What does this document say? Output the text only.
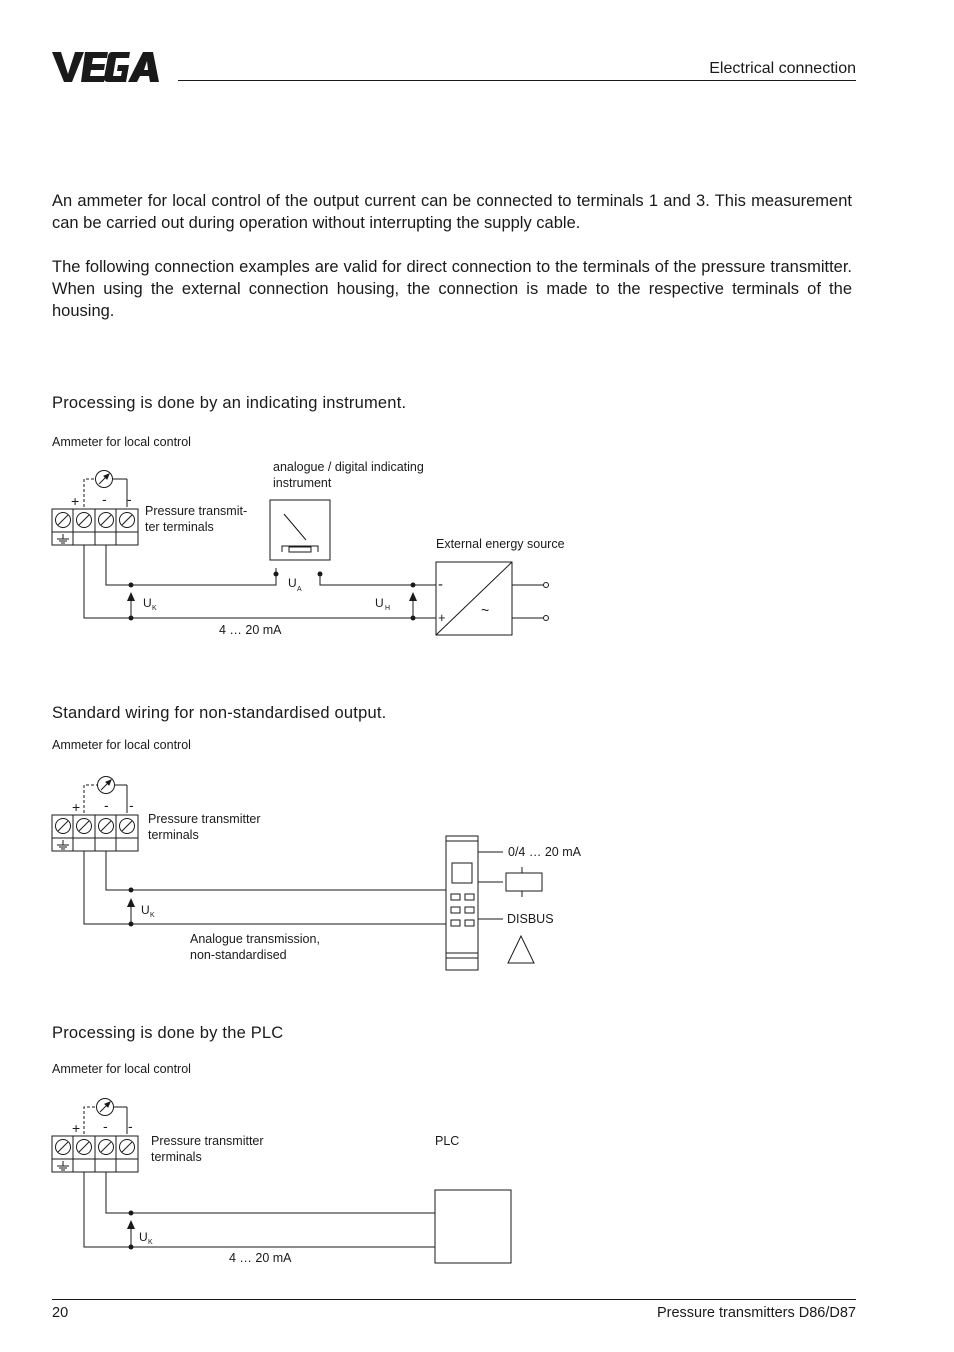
Electrical connection

An ammeter for local control of the output current can be connected to terminals 1 and 3. This measurement can be carried out during operation without interrupting the supply cable.

The following connection examples are valid for direct connection to the terminals of the pressure transmitter. When using the external connection housing, the connection is made to the respective terminals of the housing.

Processing is done by an indicating instrument.
Ammeter for local control
analogue / digital indicating
instrument
Pressure transmit-
ter terminals
External energy source
4 … 20 mA
+ - -
-
+	~
U K
U A
U H
Standard wiring for non-standardised output.
Ammeter for local control
Pressure transmitter
terminals
0/4 … 20 mA
DISBUS
Analogue transmission,
non-standardised
+ - -
U K
Processing is done by the PLC
Ammeter for local control
Pressure transmitter
terminals
PLC
4 … 20 mA
+ - -
U K
20	Pressure transmitters D86/D87
